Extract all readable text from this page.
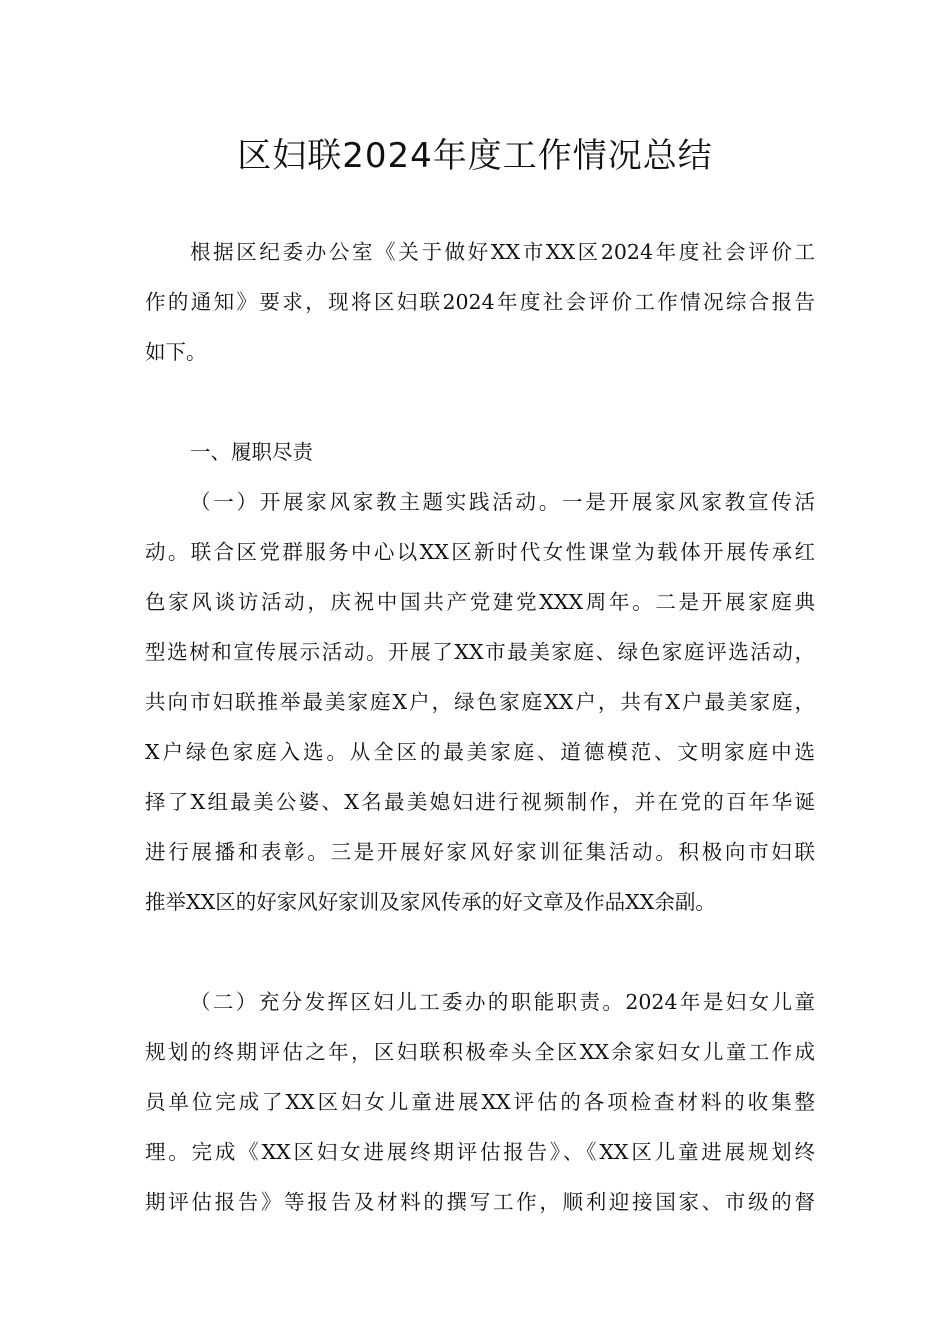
区妇联2024年度工作情况总结
根据区纪委办公室《关于做好XX市XX区2024年度社会评价工
作的通知》要求，现将区妇联2024年度社会评价工作情况综合报告
如下。
一、履职尽责
（一）开展家风家教主题实践活动。一是开展家风家教宣传活
动。联合区党群服务中心以XX区新时代女性课堂为载体开展传承红
色家风谈访活动，庆祝中国共产党建党XXX周年。二是开展家庭典
型选树和宣传展示活动。开展了XX市最美家庭、绿色家庭评选活动，
共向市妇联推举最美家庭X户，绿色家庭XX户，共有X户最美家庭，
X户绿色家庭入选。从全区的最美家庭、道德模范、文明家庭中选
择了X组最美公婆、X名最美媳妇进行视频制作，并在党的百年华诞
进行展播和表彰。三是开展好家风好家训征集活动。积极向市妇联
推举XX区的好家风好家训及家风传承的好文章及作品XX余副。
（二）充分发挥区妇儿工委办的职能职责。2024年是妇女儿童
规划的终期评估之年，区妇联积极牵头全区XX余家妇女儿童工作成
员单位完成了XX区妇女儿童进展XX评估的各项检查材料的收集整
理。完成《XX区妇女进展终期评估报告》、《XX区儿童进展规划终
期评估报告》等报告及材料的撰写工作，顺利迎接国家、市级的督
